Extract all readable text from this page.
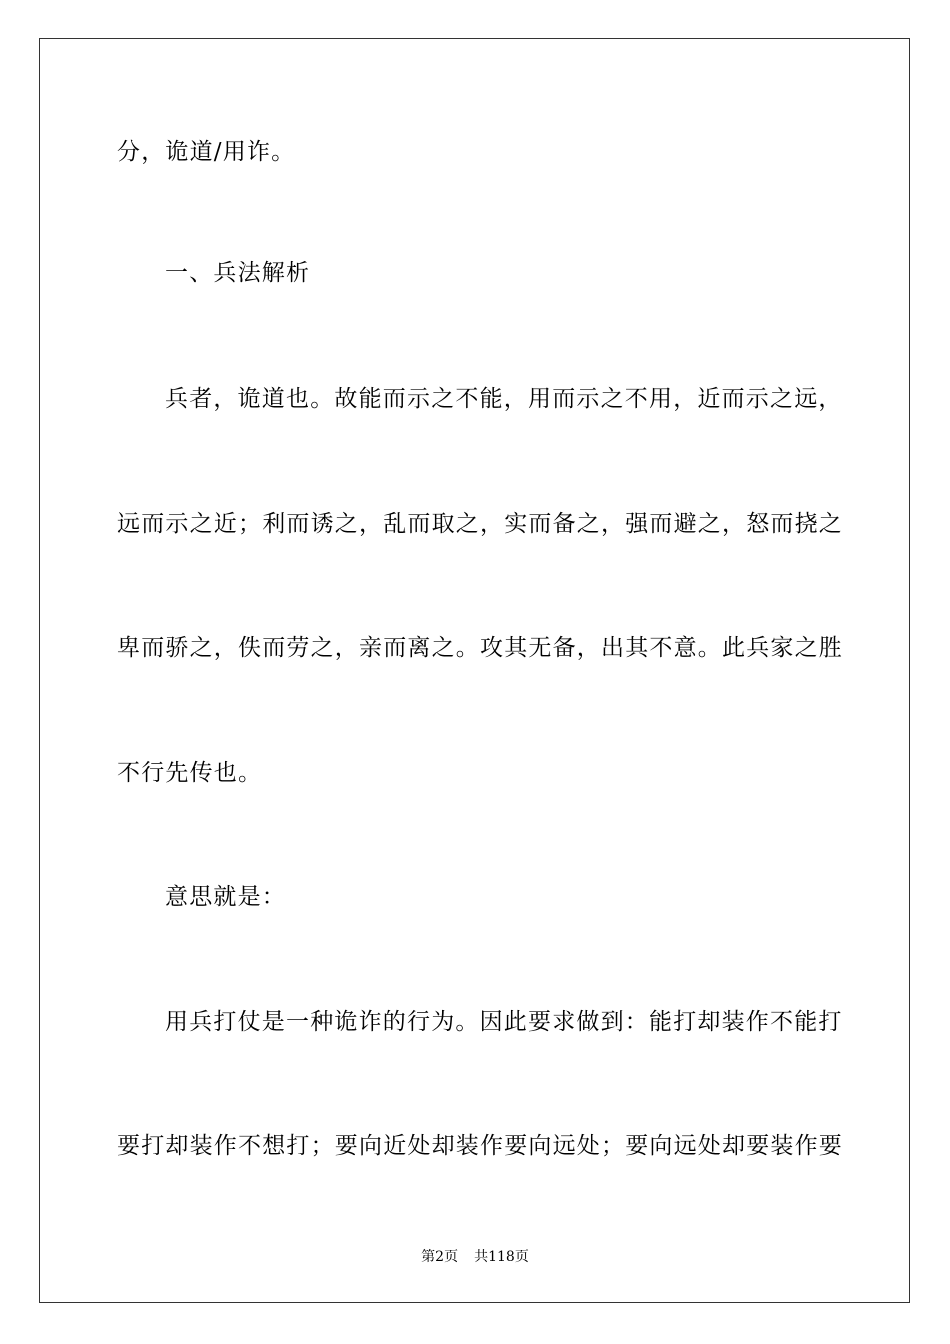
分，诡道/用诈。
一、兵法解析
兵者，诡道也。故能而示之不能，用而示之不用，近而示之远，
远而示之近；利而诱之，乱而取之，实而备之，强而避之，怒而挠之
卑而骄之，佚而劳之，亲而离之。攻其无备，出其不意。此兵家之胜
不行先传也。
意思就是：
用兵打仗是一种诡诈的行为。因此要求做到：能打却装作不能打
要打却装作不想打；要向近处却装作要向远处；要向远处却要装作要
第2页 共118页
